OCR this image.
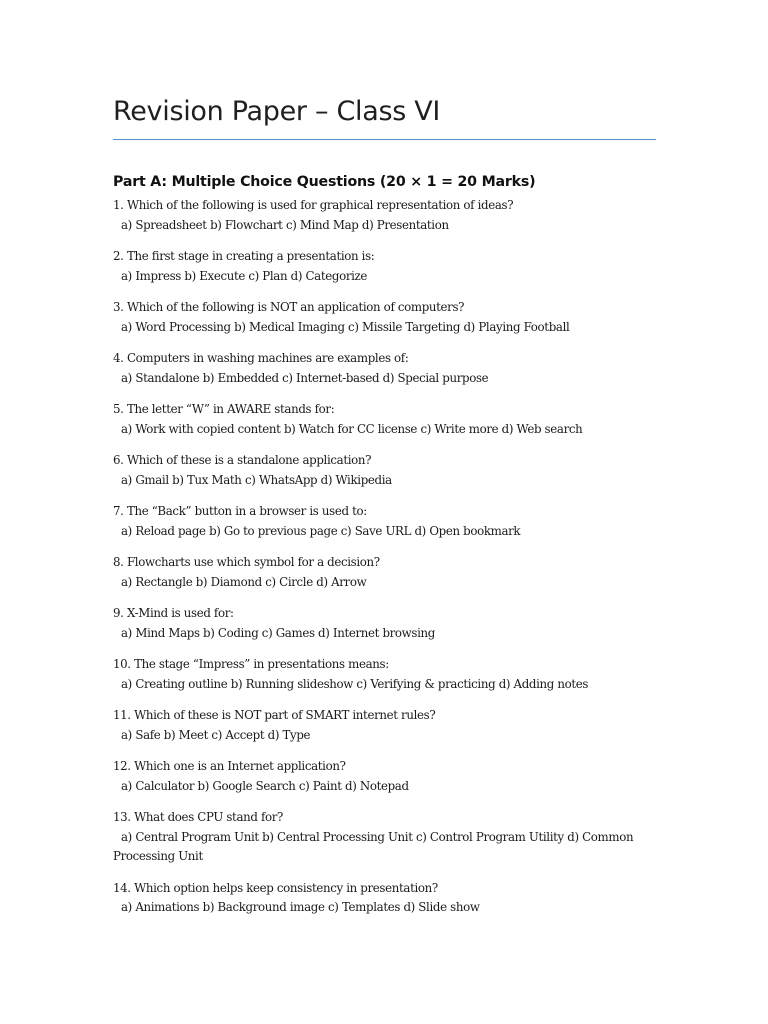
Revision Paper – Class VI
Part A: Multiple Choice Questions (20 × 1 = 20 Marks)
1. Which of the following is used for graphical representation of ideas?
a) Spreadsheet b) Flowchart c) Mind Map d) Presentation
2. The first stage in creating a presentation is:
a) Impress b) Execute c) Plan d) Categorize
3. Which of the following is NOT an application of computers?
a) Word Processing b) Medical Imaging c) Missile Targeting d) Playing Football
4. Computers in washing machines are examples of:
a) Standalone b) Embedded c) Internet-based d) Special purpose
5. The letter “W” in AWARE stands for:
a) Work with copied content b) Watch for CC license c) Write more d) Web search
6. Which of these is a standalone application?
a) Gmail b) Tux Math c) WhatsApp d) Wikipedia
7. The “Back” button in a browser is used to:
a) Reload page b) Go to previous page c) Save URL d) Open bookmark
8. Flowcharts use which symbol for a decision?
a) Rectangle b) Diamond c) Circle d) Arrow
9. X-Mind is used for:
a) Mind Maps b) Coding c) Games d) Internet browsing
10. The stage “Impress” in presentations means:
a) Creating outline b) Running slideshow c) Verifying & practicing d) Adding notes
11. Which of these is NOT part of SMART internet rules?
a) Safe b) Meet c) Accept d) Type
12. Which one is an Internet application?
a) Calculator b) Google Search c) Paint d) Notepad
13. What does CPU stand for?
a) Central Program Unit b) Central Processing Unit c) Control Program Utility d) Common Processing Unit
14. Which option helps keep consistency in presentation?
a) Animations b) Background image c) Templates d) Slide show
